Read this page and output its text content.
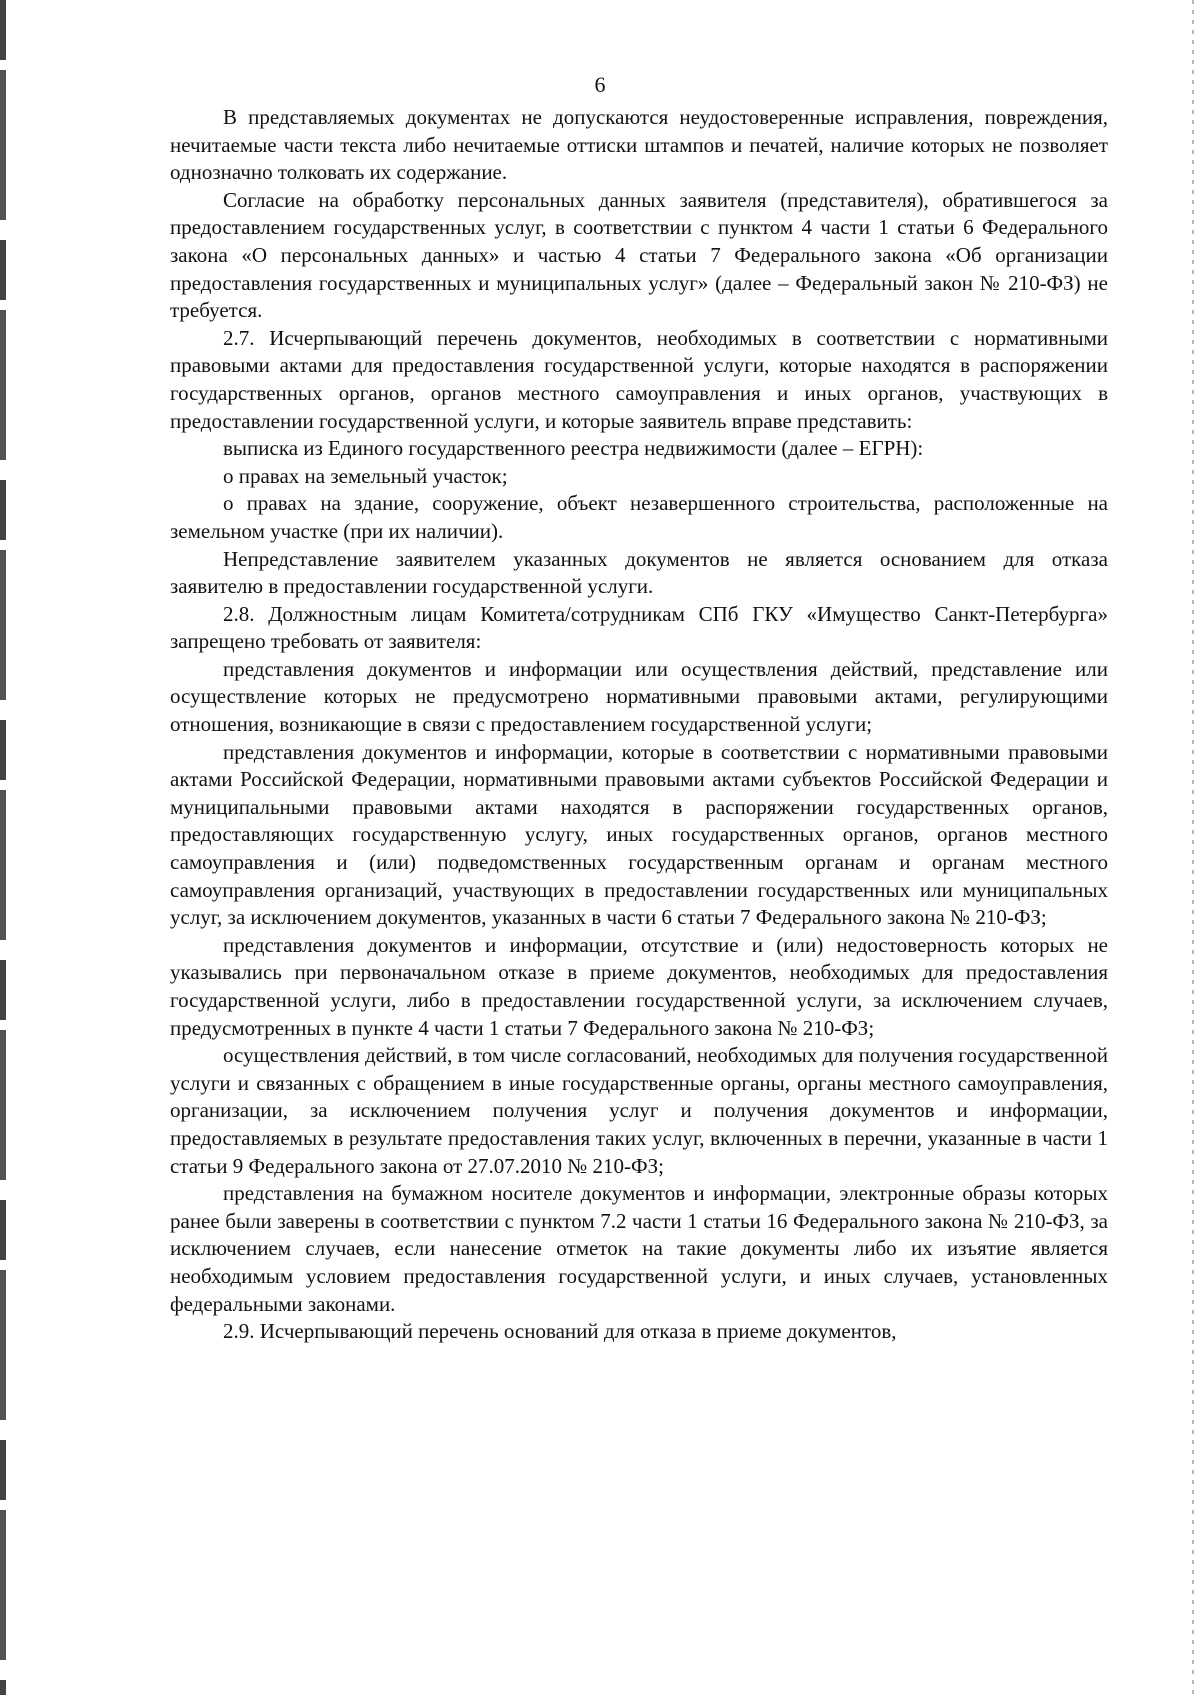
6

В представляемых документах не допускаются неудостоверенные исправления, повреждения, нечитаемые части текста либо нечитаемые оттиски штампов и печатей, наличие которых не позволяет однозначно толковать их содержание.

Согласие на обработку персональных данных заявителя (представителя), обратившегося за предоставлением государственных услуг, в соответствии с пунктом 4 части 1 статьи 6 Федерального закона «О персональных данных» и частью 4 статьи 7 Федерального закона «Об организации предоставления государственных и муниципальных услуг» (далее – Федеральный закон № 210-ФЗ) не требуется.

2.7. Исчерпывающий перечень документов, необходимых в соответствии с нормативными правовыми актами для предоставления государственной услуги, которые находятся в распоряжении государственных органов, органов местного самоуправления и иных органов, участвующих в предоставлении государственной услуги, и которые заявитель вправе представить:

выписка из Единого государственного реестра недвижимости (далее – ЕГРН):

о правах на земельный участок;

о правах на здание, сооружение, объект незавершенного строительства, расположенные на земельном участке (при их наличии).

Непредставление заявителем указанных документов не является основанием для отказа заявителю в предоставлении государственной услуги.

2.8. Должностным лицам Комитета/сотрудникам СПб ГКУ «Имущество Санкт-Петербурга» запрещено требовать от заявителя:

представления документов и информации или осуществления действий, представление или осуществление которых не предусмотрено нормативными правовыми актами, регулирующими отношения, возникающие в связи с предоставлением государственной услуги;

представления документов и информации, которые в соответствии с нормативными правовыми актами Российской Федерации, нормативными правовыми актами субъектов Российской Федерации и муниципальными правовыми актами находятся в распоряжении государственных органов, предоставляющих государственную услугу, иных государственных органов, органов местного самоуправления и (или) подведомственных государственным органам и органам местного самоуправления организаций, участвующих в предоставлении государственных или муниципальных услуг, за исключением документов, указанных в части 6 статьи 7 Федерального закона № 210-ФЗ;

представления документов и информации, отсутствие и (или) недостоверность которых не указывались при первоначальном отказе в приеме документов, необходимых для предоставления государственной услуги, либо в предоставлении государственной услуги, за исключением случаев, предусмотренных в пункте 4 части 1 статьи 7 Федерального закона № 210-ФЗ;

осуществления действий, в том числе согласований, необходимых для получения государственной услуги и связанных с обращением в иные государственные органы, органы местного самоуправления, организации, за исключением получения услуг и получения документов и информации, предоставляемых в результате предоставления таких услуг, включенных в перечни, указанные в части 1 статьи 9 Федерального закона от 27.07.2010 № 210-ФЗ;

представления на бумажном носителе документов и информации, электронные образы которых ранее были заверены в соответствии с пунктом 7.2 части 1 статьи 16 Федерального закона № 210-ФЗ, за исключением случаев, если нанесение отметок на такие документы либо их изъятие является необходимым условием предоставления государственной услуги, и иных случаев, установленных федеральными законами.

2.9. Исчерпывающий перечень оснований для отказа в приеме документов,
